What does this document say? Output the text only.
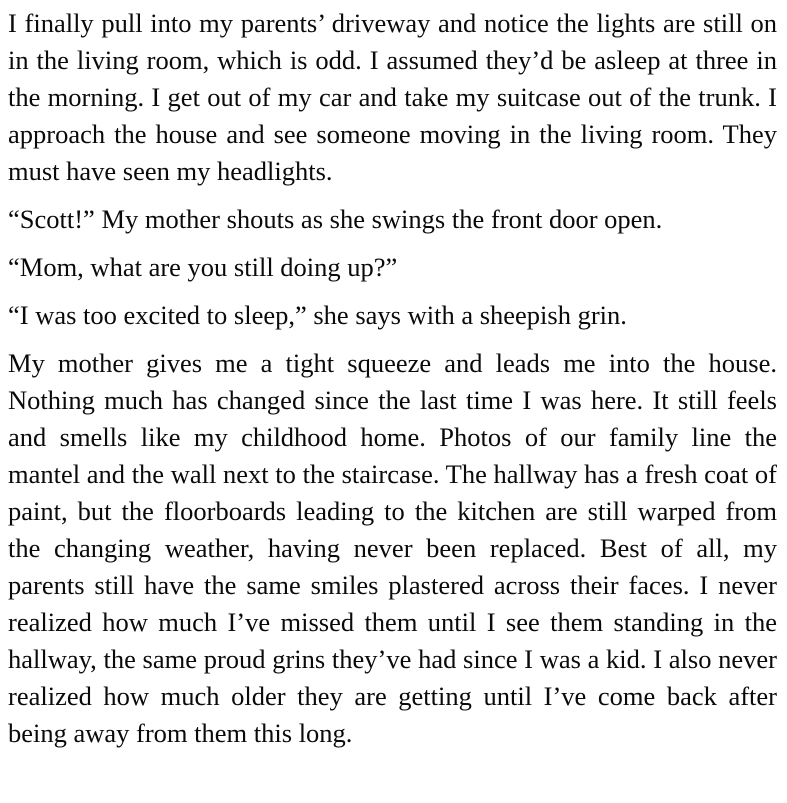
I finally pull into my parents’ driveway and notice the lights are still on in the living room, which is odd. I assumed they’d be asleep at three in the morning. I get out of my car and take my suitcase out of the trunk. I approach the house and see someone moving in the living room. They must have seen my headlights.

“Scott!” My mother shouts as she swings the front door open.

“Mom, what are you still doing up?”

“I was too excited to sleep,” she says with a sheepish grin.

My mother gives me a tight squeeze and leads me into the house. Nothing much has changed since the last time I was here. It still feels and smells like my childhood home. Photos of our family line the mantel and the wall next to the staircase. The hallway has a fresh coat of paint, but the floorboards leading to the kitchen are still warped from the changing weather, having never been replaced. Best of all, my parents still have the same smiles plastered across their faces. I never realized how much I’ve missed them until I see them standing in the hallway, the same proud grins they’ve had since I was a kid. I also never realized how much older they are getting until I’ve come back after being away from them this long.
